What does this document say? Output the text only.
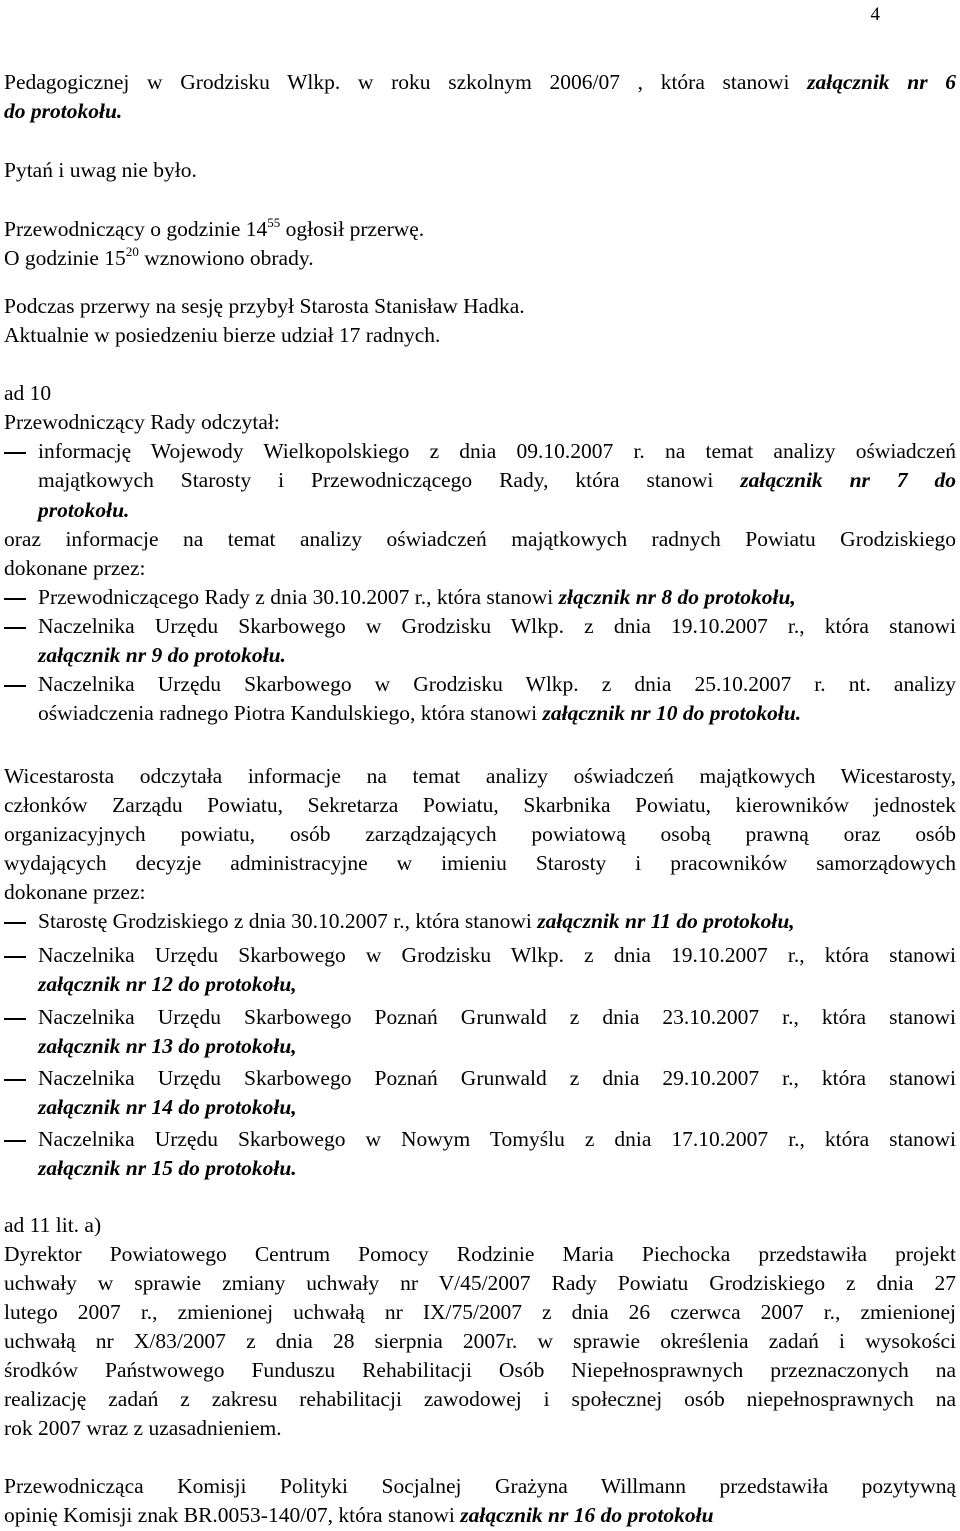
4
Pedagogicznej w Grodzisku Wlkp. w roku szkolnym 2006/07 , która stanowi załącznik nr 6
do protokołu.
Pytań i uwag nie było.
Przewodniczący o godzinie $14^{55}$ ogłosił przerwę.
O godzinie $15^{20}$ wznowiono obrady.
Podczas przerwy na sesję przybył Starosta Stanisław Hadka.
Aktualnie w posiedzeniu bierze udział 17 radnych.
ad 10
Przewodniczący Rady odczytał:
informację Wojewody Wielkopolskiego z dnia 09.10.2007 r. na temat analizy oświadczeń
majątkowych Starosty i Przewodniczącego Rady, która stanowi załącznik nr 7 do
protokołu.
oraz informacje na temat analizy oświadczeń majątkowych radnych Powiatu Grodziskiego
dokonane przez:
Przewodniczącego Rady z dnia 30.10.2007 r., która stanowi złącznik nr 8 do protokołu,
Naczelnika Urzędu Skarbowego w Grodzisku Wlkp. z dnia 19.10.2007 r., która stanowi
załącznik nr 9 do protokołu.
Naczelnika Urzędu Skarbowego w Grodzisku Wlkp. z dnia 25.10.2007 r. nt. analizy
oświadczenia radnego Piotra Kandulskiego, która stanowi załącznik nr 10 do protokołu.
Wicestarosta odczytała informacje na temat analizy oświadczeń majątkowych Wicestarosty,
członków Zarządu Powiatu, Sekretarza Powiatu, Skarbnika Powiatu, kierowników jednostek
organizacyjnych powiatu, osób zarządzających powiatową osobą prawną oraz osób
wydających decyzje administracyjne w imieniu Starosty i pracowników samorządowych
dokonane przez:
Starostę Grodziskiego z dnia 30.10.2007 r., która stanowi załącznik nr 11 do protokołu,
Naczelnika Urzędu Skarbowego w Grodzisku Wlkp. z dnia 19.10.2007 r., która stanowi
załącznik nr 12 do protokołu,
Naczelnika Urzędu Skarbowego Poznań Grunwald z dnia 23.10.2007 r., która stanowi
załącznik nr 13 do protokołu,
Naczelnika Urzędu Skarbowego Poznań Grunwald z dnia 29.10.2007 r., która stanowi
załącznik nr 14 do protokołu,
Naczelnika Urzędu Skarbowego w Nowym Tomyślu z dnia 17.10.2007 r., która stanowi
załącznik nr 15 do protokołu.
ad 11 lit. a)
Dyrektor Powiatowego Centrum Pomocy Rodzinie Maria Piechocka przedstawiła projekt
uchwały w sprawie zmiany uchwały nr V/45/2007 Rady Powiatu Grodziskiego z dnia 27
lutego 2007 r., zmienionej uchwałą nr IX/75/2007 z dnia 26 czerwca 2007 r., zmienionej
uchwałą nr X/83/2007 z dnia 28 sierpnia 2007r. w sprawie określenia zadań i wysokości
środków Państwowego Funduszu Rehabilitacji Osób Niepełnosprawnych przeznaczonych na
realizację zadań z zakresu rehabilitacji zawodowej i społecznej osób niepełnosprawnych na
rok 2007 wraz z uzasadnieniem.
Przewodnicząca Komisji Polityki Socjalnej Grażyna Willmann przedstawiła pozytywną
opinię Komisji znak BR.0053-140/07, która stanowi załącznik nr 16 do protokołu
